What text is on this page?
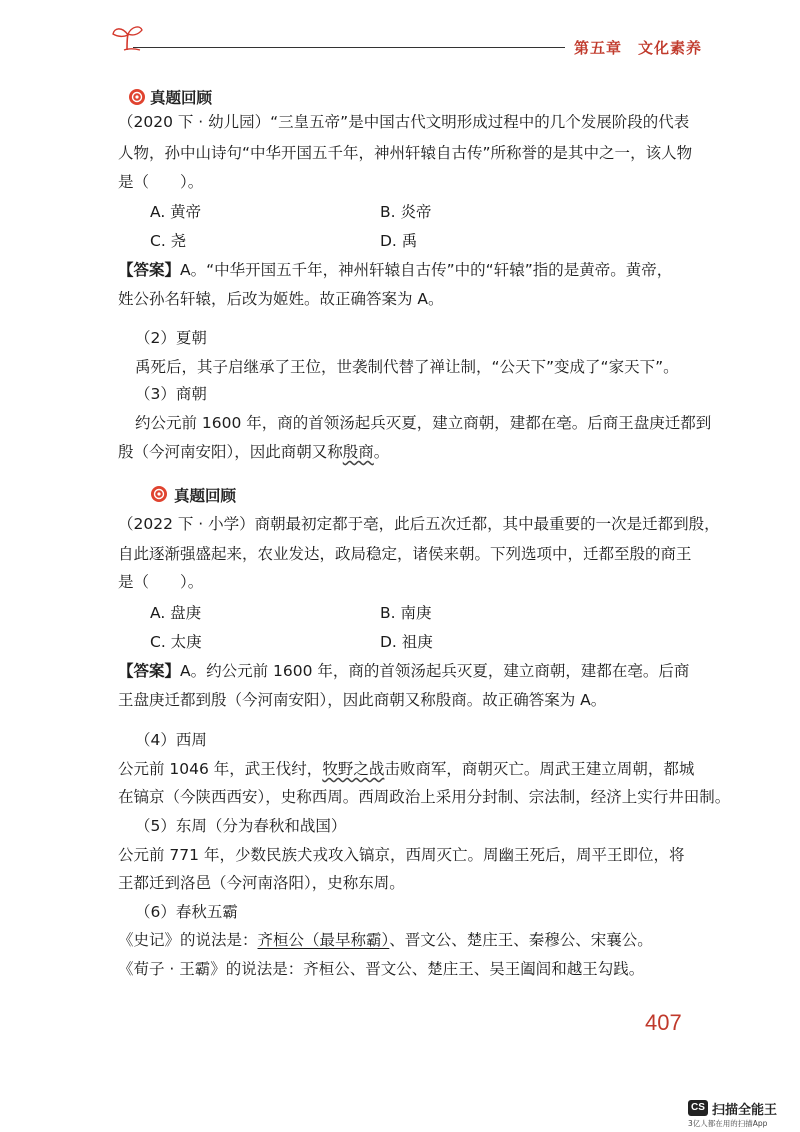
第五章　文化素养
真题回顾
（2020 下 · 幼儿园）“三皇五帝”是中国古代文明形成过程中的几个发展阶段的代表
人物，孙中山诗句“中华开国五千年，神州轩辕自古传”所称誉的是其中之一，该人物
是（　　）。
A. 黄帝	B. 炎帝
C. 尧	D. 禹
【答案】A。“中华开国五千年，神州轩辕自古传”中的“轩辕”指的是黄帝。黄帝，
姓公孙名轩辕，后改为姬姓。故正确答案为 A。
（2）夏朝
禹死后，其子启继承了王位，世袭制代替了禅让制，“公天下”变成了“家天下”。
（3）商朝
约公元前 1600 年，商的首领汤起兵灭夏，建立商朝，建都在亳。后商王盘庚迁都到
殷（今河南安阳），因此商朝又称殷商。
真题回顾
（2022 下 · 小学）商朝最初定都于亳，此后五次迁都，其中最重要的一次是迁都到殷，
自此逐渐强盛起来，农业发达，政局稳定，诸侯来朝。下列选项中，迁都至殷的商王
是（　　）。
A. 盘庚	B. 南庚
C. 太庚	D. 祖庚
【答案】A。约公元前 1600 年，商的首领汤起兵灭夏，建立商朝，建都在亳。后商
王盘庚迁都到殷（今河南安阳），因此商朝又称殷商。故正确答案为 A。
（4）西周
公元前 1046 年，武王伐纣，牧野之战击败商军，商朝灭亡。周武王建立周朝，都城
在镐京（今陕西西安），史称西周。西周政治上采用分封制、宗法制，经济上实行井田制。
（5）东周（分为春秋和战国）
公元前 771 年，少数民族犬戎攻入镐京，西周灭亡。周幽王死后，周平王即位，将
王都迁到洛邑（今河南洛阳），史称东周。
（6）春秋五霸
《史记》的说法是：齐桓公（最早称霸）、晋文公、楚庄王、秦穆公、宋襄公。
《荀子 · 王霸》的说法是：齐桓公、晋文公、楚庄王、吴王阖闾和越王勾践。
407
CS 扫描全能王
3亿人都在用的扫描App
